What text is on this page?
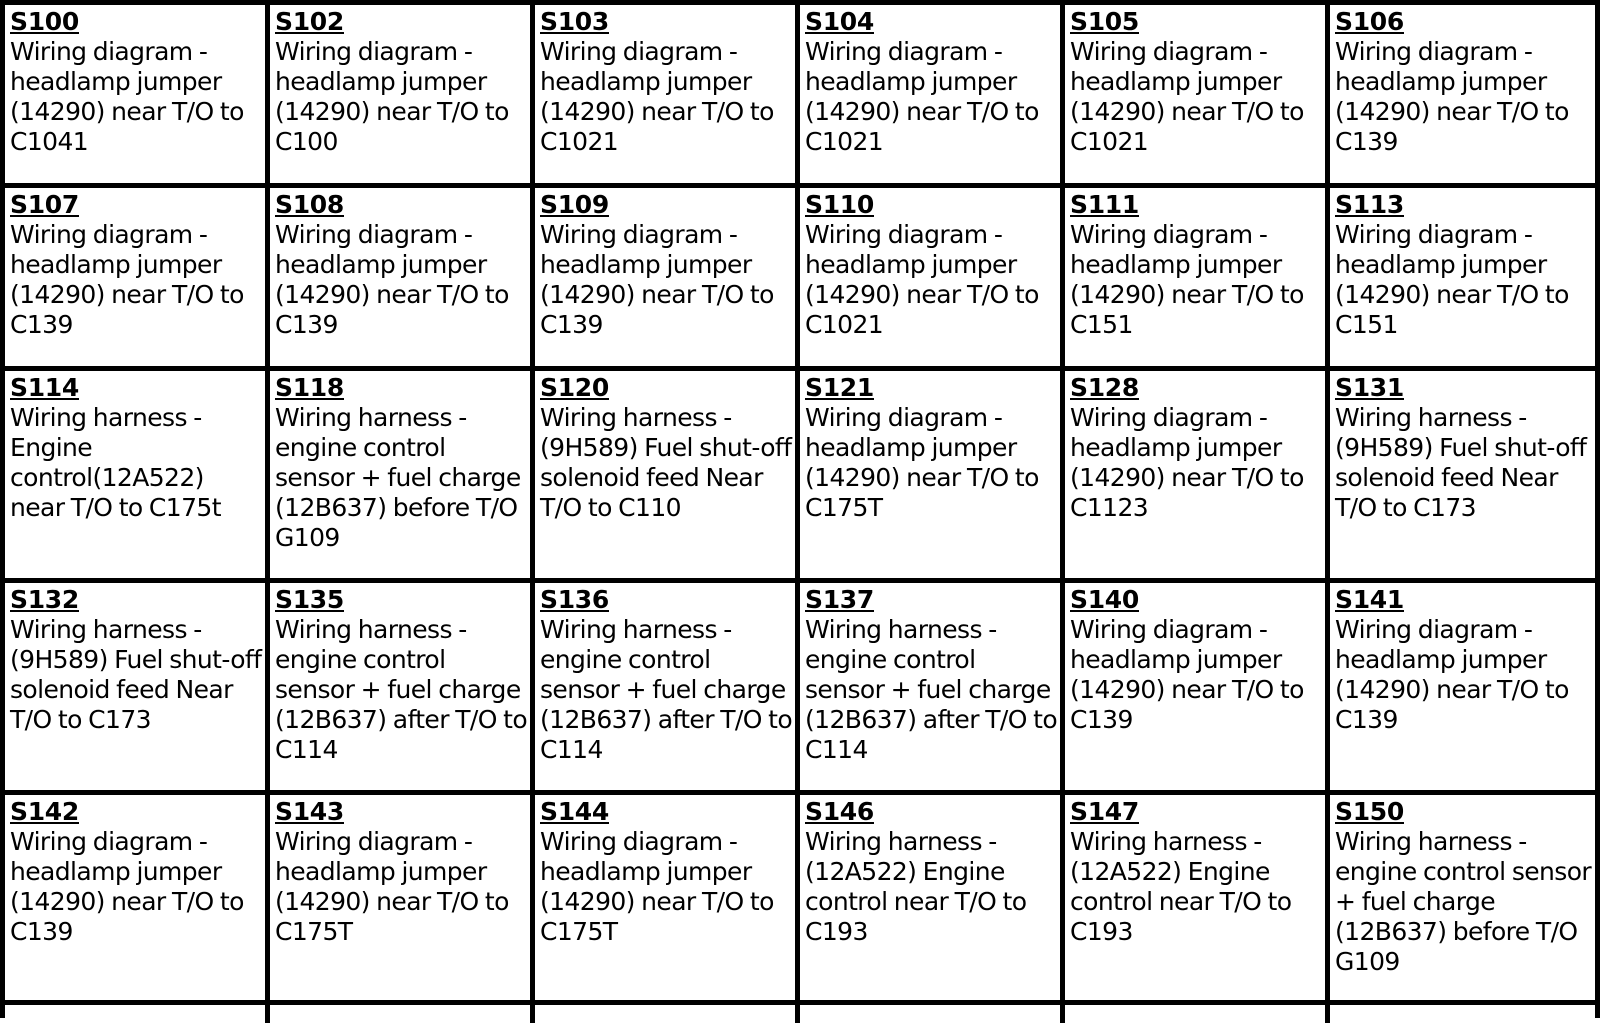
S100
Wiring diagram - headlamp jumper (14290) near T/O to C1041
S102
Wiring diagram - headlamp jumper (14290) near T/O to C100
S103
Wiring diagram - headlamp jumper (14290) near T/O to C1021
S104
Wiring diagram - headlamp jumper (14290) near T/O to C1021
S105
Wiring diagram - headlamp jumper (14290) near T/O to C1021
S106
Wiring diagram - headlamp jumper (14290) near T/O to C139
S107
Wiring diagram - headlamp jumper (14290) near T/O to C139
S108
Wiring diagram - headlamp jumper (14290) near T/O to C139
S109
Wiring diagram - headlamp jumper (14290) near T/O to C139
S110
Wiring diagram - headlamp jumper (14290) near T/O to C1021
S111
Wiring diagram - headlamp jumper (14290) near T/O to C151
S113
Wiring diagram - headlamp jumper (14290) near T/O to C151
S114
Wiring harness - Engine control(12A522) near T/O to C175t
S118
Wiring harness - engine control sensor + fuel charge (12B637) before T/O G109
S120
Wiring harness - (9H589) Fuel shut-off solenoid feed Near T/O to C110
S121
Wiring diagram - headlamp jumper (14290) near T/O to C175T
S128
Wiring diagram - headlamp jumper (14290) near T/O to C1123
S131
Wiring harness - (9H589) Fuel shut-off solenoid feed Near T/O to C173
S132
Wiring harness - (9H589) Fuel shut-off solenoid feed Near T/O to C173
S135
Wiring harness - engine control sensor + fuel charge (12B637) after T/O to C114
S136
Wiring harness - engine control sensor + fuel charge (12B637) after T/O to C114
S137
Wiring harness - engine control sensor + fuel charge (12B637) after T/O to C114
S140
Wiring diagram - headlamp jumper (14290) near T/O to C139
S141
Wiring diagram - headlamp jumper (14290) near T/O to C139
S142
Wiring diagram - headlamp jumper (14290) near T/O to C139
S143
Wiring diagram - headlamp jumper (14290) near T/O to C175T
S144
Wiring diagram - headlamp jumper (14290) near T/O to C175T
S146
Wiring harness - (12A522) Engine control near T/O to C193
S147
Wiring harness - (12A522) Engine control near T/O to C193
S150
Wiring harness - engine control sensor + fuel charge (12B637) before T/O G109
